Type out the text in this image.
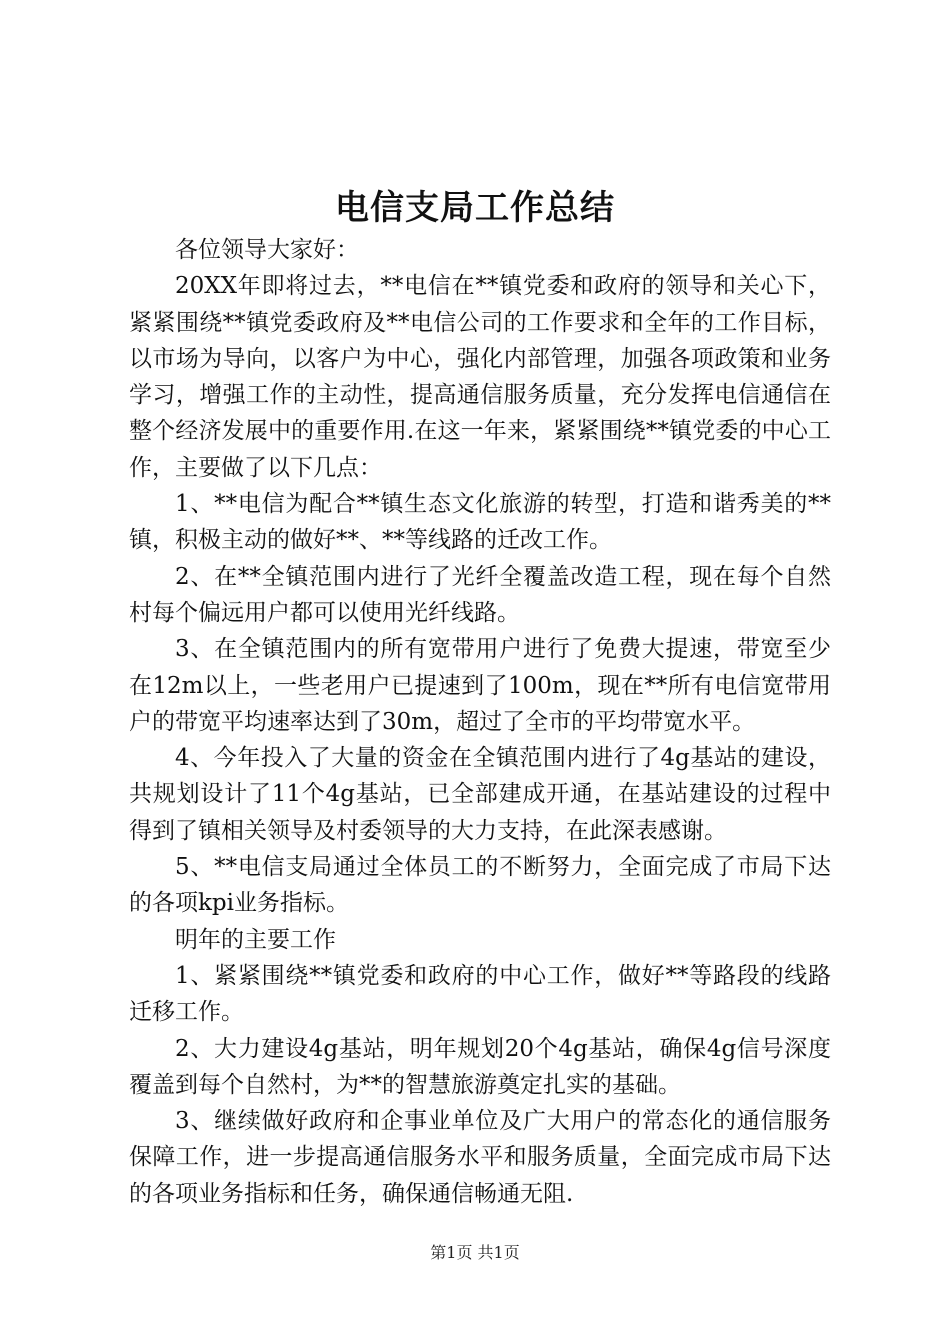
电信支局工作总结

各位领导大家好：

20XX年即将过去，**电信在**镇党委和政府的领导和关心下，紧紧围绕**镇党委政府及**电信公司的工作要求和全年的工作目标，以市场为导向，以客户为中心，强化内部管理，加强各项政策和业务学习，增强工作的主动性，提高通信服务质量，充分发挥电信通信在整个经济发展中的重要作用.在这一年来，紧紧围绕**镇党委的中心工作，主要做了以下几点：

1、**电信为配合**镇生态文化旅游的转型，打造和谐秀美的**镇，积极主动的做好**、**等线路的迁改工作。

2、在**全镇范围内进行了光纤全覆盖改造工程，现在每个自然村每个偏远用户都可以使用光纤线路。

3、在全镇范围内的所有宽带用户进行了免费大提速，带宽至少在12m以上，一些老用户已提速到了100m，现在**所有电信宽带用户的带宽平均速率达到了30m，超过了全市的平均带宽水平。

4、今年投入了大量的资金在全镇范围内进行了4g基站的建设，共规划设计了11个4g基站，已全部建成开通，在基站建设的过程中得到了镇相关领导及村委领导的大力支持，在此深表感谢。

5、**电信支局通过全体员工的不断努力，全面完成了市局下达的各项kpi业务指标。

明年的主要工作

1、紧紧围绕**镇党委和政府的中心工作，做好**等路段的线路迁移工作。

2、大力建设4g基站，明年规划20个4g基站，确保4g信号深度覆盖到每个自然村，为**的智慧旅游奠定扎实的基础。

3、继续做好政府和企事业单位及广大用户的常态化的通信服务保障工作，进一步提高通信服务水平和服务质量，全面完成市局下达的各项业务指标和任务，确保通信畅通无阻.

第1页 共1页
